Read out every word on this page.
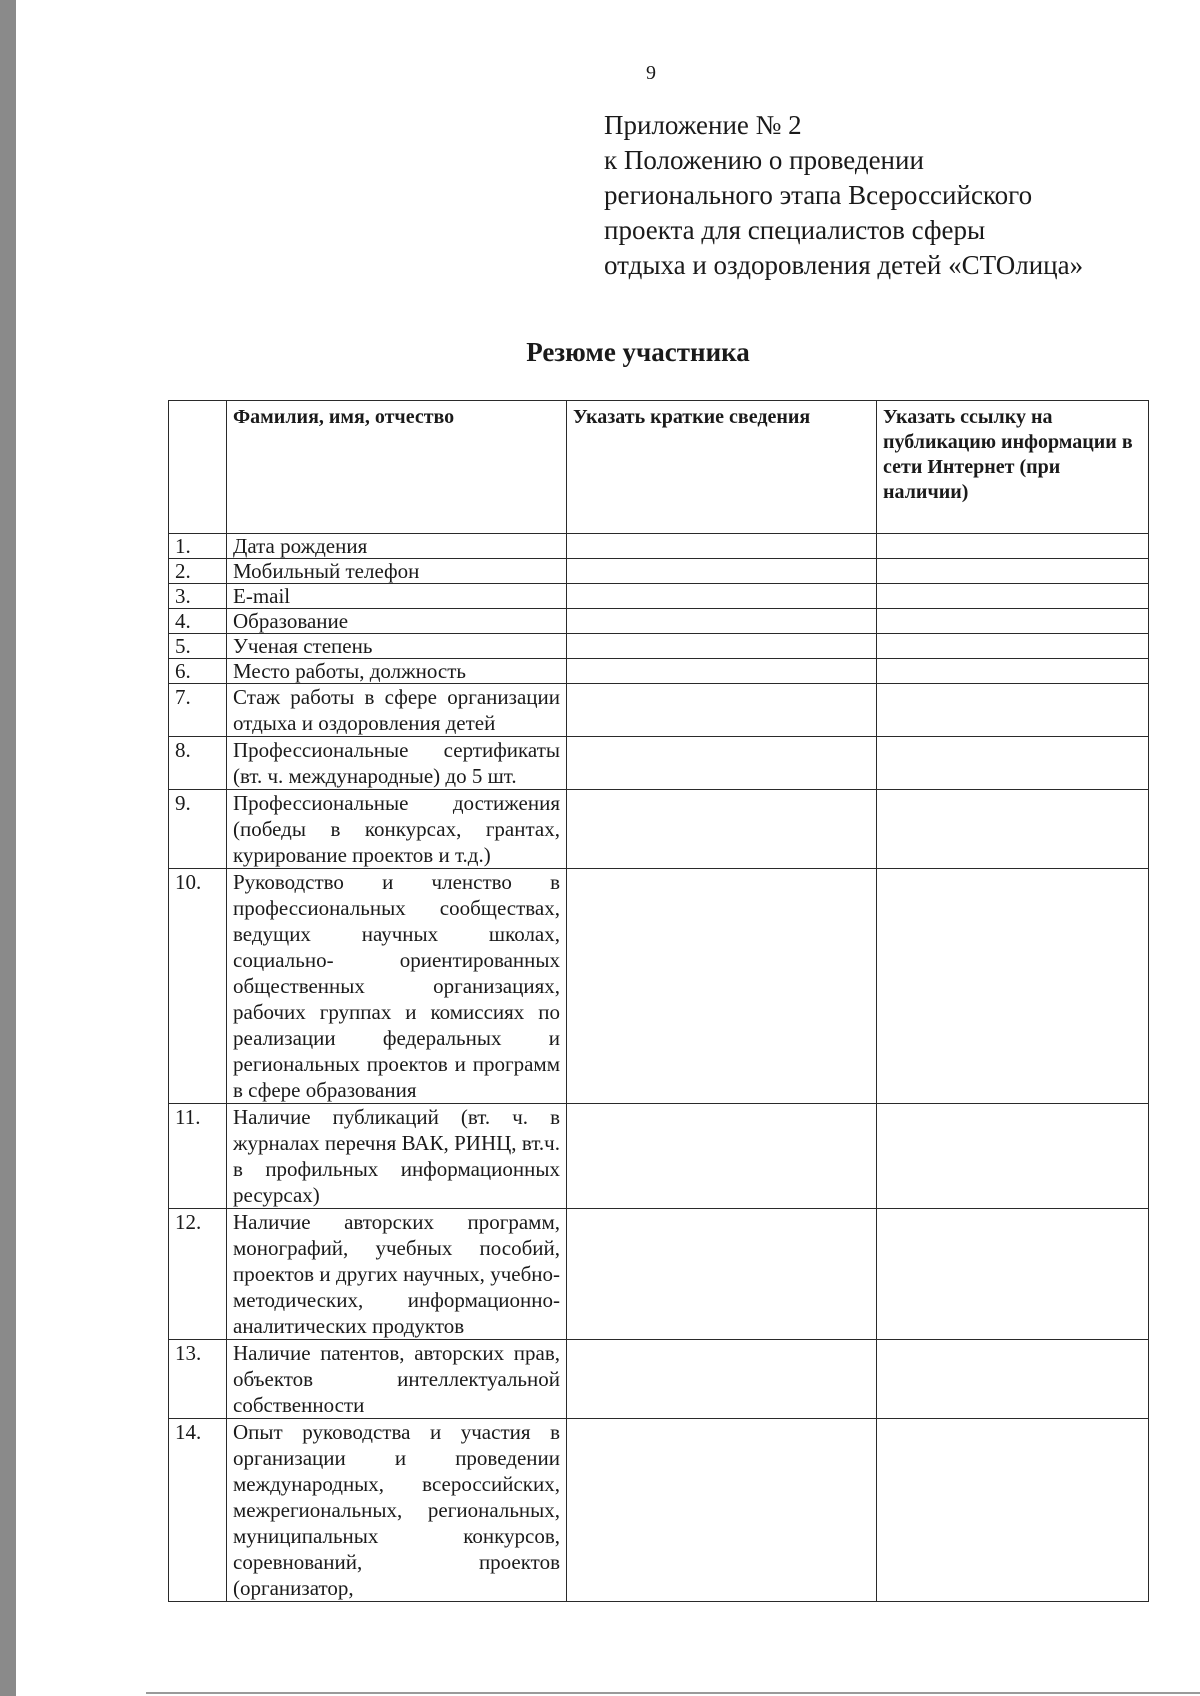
9
Приложение № 2
к Положению о проведении
регионального этапа Всероссийского
проекта для специалистов сферы
отдыха и оздоровления детей «СТОлица»
Резюме участника
	Фамилия, имя, отчество	Указать краткие сведения	Указать ссылку на публикацию информации в сети Интернет (при наличии)
1.	Дата рождения		
2.	Мобильный телефон		
3.	E-mail		
4.	Образование		
5.	Ученая степень		
6.	Место работы, должность		
7.	Стаж работы в сфере организации отдыха и оздоровления детей		
8.	Профессиональные сертификаты (вт. ч. международные) до 5 шт.		
9.	Профессиональные достижения (победы в конкурсах, грантах, курирование проектов и т.д.)		
10.	Руководство и членство в профессиональных сообществах, ведущих научных школах, социально- ориентированных общественных организациях, рабочих группах и комиссиях по реализации федеральных и региональных проектов и программ в сфере образования		
11.	Наличие публикаций (вт. ч. в журналах перечня ВАК, РИНЦ, вт.ч. в профильных информационных ресурсах)		
12.	Наличие авторских программ, монографий, учебных пособий, проектов и других научных, учебно-методических, информационно-аналитических продуктов		
13.	Наличие патентов, авторских прав, объектов интеллектуальной собственности		
14.	Опыт руководства и участия в организации и проведении международных, всероссийских, межрегиональных, региональных, муниципальных конкурсов, соревнований, проектов (организатор,		
